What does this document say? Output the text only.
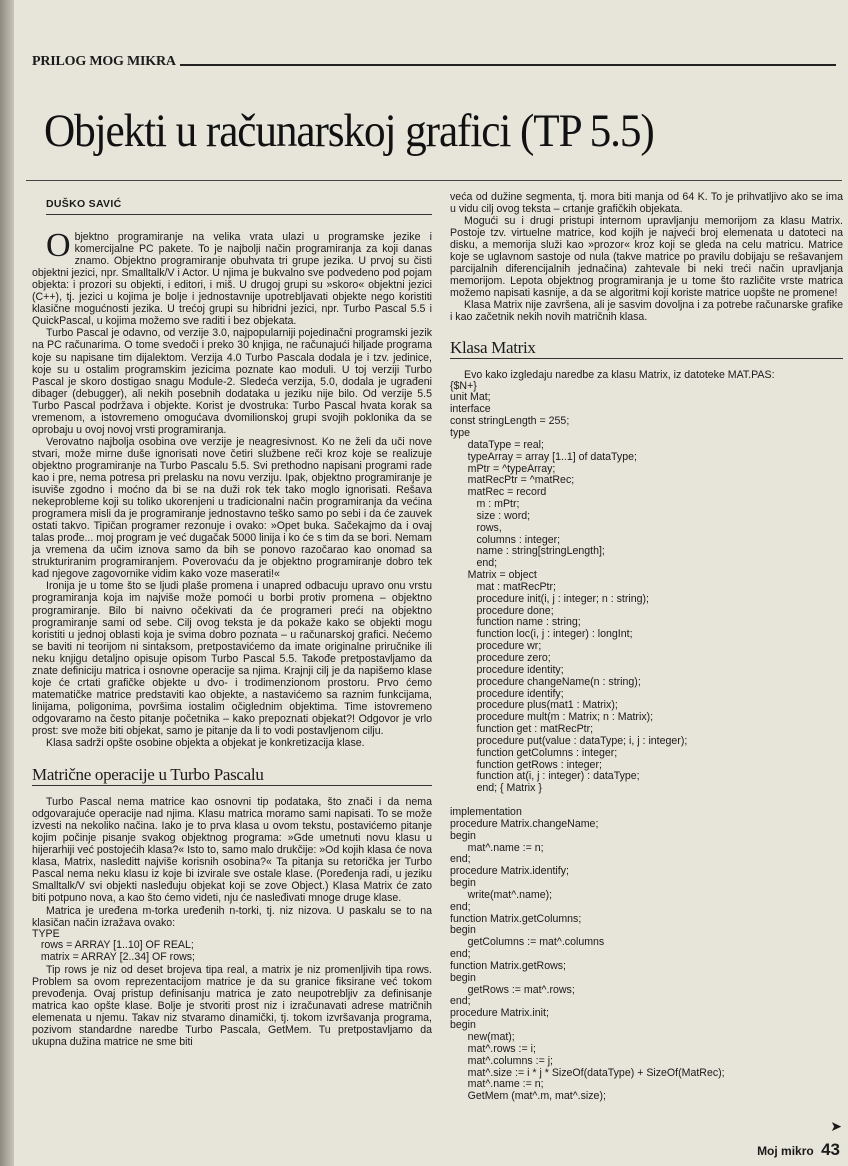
PRILOG MOG MIKRA
Objekti u računarskoj grafici (TP 5.5)
DUŠKO SAVIĆ
O bjektno programiranje na velika vrata ulazi u programske jezike i komercijalne PC pakete. To je najbolji način programiranja za koji danas znamo. Objektno programiranje obuhvata tri grupe jezika. U prvoj su čisti objektni jezici, npr. Smalltalk/V i Actor. U njima je bukvalno sve podvedeno pod pojam objekta: i prozori su objekti, i editori, i miš. U drugoj grupi su »skoro« objektni jezici (C++), tj. jezici u kojima je bolje i jednostavnije upotrebljavati objekte nego koristiti klasične mogućnosti jezika. U trećoj grupi su hibridni jezici, npr. Turbo Pascal 5.5 i QuickPascal, u kojima možemo sve raditi i bez objekata.

Turbo Pascal je odavno, od verzije 3.0, najpopularniji pojedinačni programski jezik na PC računarima. O tome svedoči i preko 30 knjiga, ne računajući hiljade programa koje su napisane tim dijalektom. Verzija 4.0 Turbo Pascala dodala je i tzv. jedinice, koje su u ostalim programskim jezicima poznate kao moduli. U toj verziji Turbo Pascal je skoro dostigao snagu Module-2. Sledeća verzija, 5.0, dodala je ugrađeni dibager (debugger), ali nekih posebnih dodataka u jeziku nije bilo. Od verzije 5.5 Turbo Pascal podržava i objekte. Korist je dvostruka: Turbo Pascal hvata korak sa vremenom, a istovremeno omogućava dvomilionskoj grupi svojih poklonika da se oprobaju u ovoj novoj vrsti programiranja.

Verovatno najbolja osobina ove verzije je neagresivnost. Ko ne želi da uči nove stvari, može mirne duše ignorisati nove četiri službene reči kroz koje se realizuje objektno programiranje na Turbo Pascalu 5.5. Svi prethodno napisani programi rade kao i pre, nema potresa pri prelasku na novu verziju. Ipak, objektno programiranje je isuviše zgodno i moćno da bi se na duži rok tek tako moglo ignorisati. Rešava nekeprobleme koji su toliko ukorenjeni u tradicionalni način programiranja da većina programera misli da je programiranje jednostavno teško samo po sebi i da će zauvek ostati takvo. Tipičan programer rezonuje i ovako: »Opet buka. Sačekajmo da i ovaj talas prođe... moj program je već dugačak 5000 linija i ko će s tim da se bori. Nemam ja vremena da učim iznova samo da bih se ponovo razočarao kao onomad sa strukturiranim programiranjem. Poverovaću da je objektno programiranje dobro tek kad njegove zagovornike vidim kako voze maserati!«

Ironija je u tome što se ljudi plaše promena i unapred odbacuju upravo onu vrstu programiranja koja im najviše može pomoći u borbi protiv promena – objektno programiranje. Bilo bi naivno očekivati da će programeri preći na objektno programiranje sami od sebe. Cilj ovog teksta je da pokaže kako se objekti mogu koristiti u jednoj oblasti koja je svima dobro poznata – u računarskoj grafici. Nećemo se baviti ni teorijom ni sintaksom, pretpostavićemo da imate originalne priručnike ili neku knjigu detaljno opisuje opisom Turbo Pascal 5.5. Takođe pretpostavljamo da znate definiciju matrica i osnovne operacije sa njima. Krajnji cilj je da napišemo klase koje će crtati grafičke objekte u dvo- i trodimenzionom prostoru. Prvo ćemo matematičke matrice predstaviti kao objekte, a nastavićemo sa raznim funkcijama, linijama, poligonima, površima iostalim očiglednim objektima. Time istovremeno odgovaramo na često pitanje početnika – kako prepoznati objekat?! Odgovor je vrlo prost: sve može biti objekat, samo je pitanje da li to vodi postavljenom cilju.

Klasa sadrži opšte osobine objekta a objekat je konkretizacija klase.

Matrične operacije u Turbo Pascalu

Turbo Pascal nema matrice kao osnovni tip podataka, što znači i da nema odgovarajuće operacije nad njima. Klasu matrica moramo sami napisati. To se može izvesti na nekoliko načina. Iako je to prva klasa u ovom tekstu, postavićemo pitanje kojim počinje pisanje svakog objektnog programa: »Gde umetnuti novu klasu u hijerarhiji već postojećih klasa?« Isto to, samo malo drukčije: »Od kojih klasa će nova klasa, Matrix, nasleditt najviše korisnih osobina?« Ta pitanja su retorička jer Turbo Pascal nema neku klasu iz koje bi izvirale sve ostale klase. (Poređenja radi, u jeziku Smalltalk/V svi objekti nasleđuju objekat koji se zove Object.) Klasa Matrix će zato biti potpuno nova, a kao što ćemo videti, nju će nasleđivati mnoge druge klase.

Matrica je uređena m-torka uređenih n-torki, tj. niz nizova. U paskalu se to na klasičan način izražava ovako:

TYPE
rows = ARRAY [1..10] OF REAL;
matrix = ARRAY [2..34] OF rows;

Tip rows je niz od deset brojeva tipa real, a matrix je niz promenljivih tipa rows. Problem sa ovom reprezentacijom matrice je da su granice fiksirane već tokom prevođenja. Ovaj pristup definisanju matrica je zato neupotrebljiv za definisanje matrica kao opšte klase. Bolje je stvoriti prost niz i izračunavati adrese matričnih elemenata u njemu. Takav niz stvaramo dinamički, tj. tokom izvršavanja programa, pozivom standardne naredbe Turbo Pascala, GetMem. Tu pretpostavljamo da ukupna dužina matrice ne sme biti

veća od dužine segmenta, tj. mora biti manja od 64 K. To je prihvatljivo ako se ima u vidu cilj ovog teksta – crtanje grafičkih objekata.

Mogući su i drugi pristupi internom upravljanju memorijom za klasu Matrix. Postoje tzv. virtuelne matrice, kod kojih je najveći broj elemenata u datoteci na disku, a memorija služi kao »prozor« kroz koji se gleda na celu matricu. Matrice koje se uglavnom sastoje od nula (takve matrice po pravilu dobijaju se rešavanjem parcijalnih diferencijalnih jednačina) zahtevale bi neki treći način upravljanja memorijom. Lepota objektnog programiranja je u tome što različite vrste matrica možemo napisati kasnije, a da se algoritmi koji koriste matrice uopšte ne promene!

Klasa Matrix nije završena, ali je sasvim dovoljna i za potrebe računarske grafike i kao začetnik nekih novih matričnih klasa.

Klasa Matrix

Evo kako izgledaju naredbe za klasu Matrix, iz datoteke MAT.PAS:

{$N+}
unit Mat;
interface
const stringLength = 255;
type
dataType = real;
typeArray = array [1..1] of dataType;
mPtr = ^typeArray;
matRecPtr = ^matRec;
matRec = record
m : mPtr;
size : word;
rows,
columns : integer;
name : string[stringLength];
end;
Matrix = object
mat : matRecPtr;
procedure init(i, j : integer; n : string);
procedure done;
function name : string;
function loc(i, j : integer) : longInt;
procedure wr;
procedure zero;
procedure identity;
procedure changeName(n : string);
procedure identify;
procedure plus(mat1 : Matrix);
procedure mult(m : Matrix; n : Matrix);
function get : matRecPtr;
procedure put(value : dataType; i, j : integer);
function getColumns : integer;
function getRows : integer;
function at(i, j : integer) : dataType;
end; { Matrix }

implementation
procedure Matrix.changeName;
begin
mat^.name := n;
end;
procedure Matrix.identify;
begin
write(mat^.name);
end;
function Matrix.getColumns;
begin
getColumns := mat^.columns
end;
function Matrix.getRows;
begin
getRows := mat^.rows;
end;
procedure Matrix.init;
begin
new(mat);
mat^.rows := i;
mat^.columns := j;
mat^.size := i * j * SizeOf(dataType) + SizeOf(MatRec);
mat^.name := n;
GetMem (mat^.m, mat^.size);
➤
Moj mikro 43
